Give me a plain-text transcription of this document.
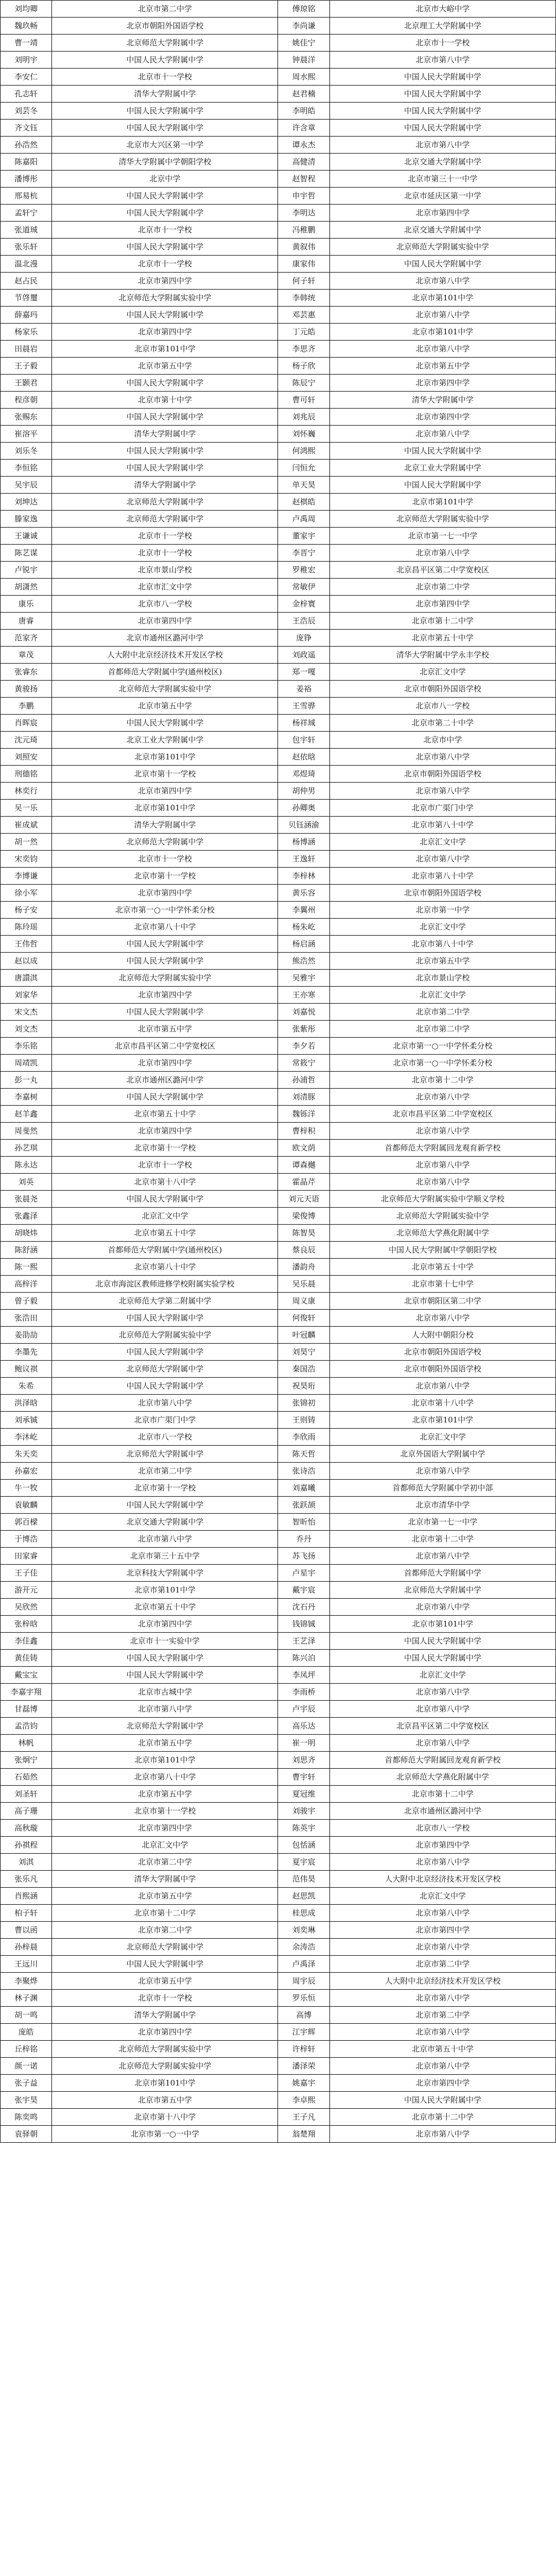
刘均卿	北京市第二中学	傅琼铭	北京市大峪中学
魏玖畅	北京市朝阳外国语学校	李尚谦	北京理工大学附属中学
曹一靖	北京师范大学附属中学	姚佳宁	北京市十一学校
刘明宇	中国人民大学附属中学	钟晨洋	北京市第八中学
李安仁	北京市十一学校	周水熙	中国人民大学附属中学
孔志轩	清华大学附属中学	赵君楠	中国人民大学附属中学
刘芸冬	中国人民大学附属中学	李明皓	中国人民大学附属中学
齐文钰	中国人民大学附属中学	许含章	中国人民大学附属中学
孙浩然	北京市大兴区第一中学	谭永杰	北京市第八中学
陈嘉阳	清华大学附属中学朝阳学校	高健清	北京交通大学附属中学
潘博彤	北京中学	赵智程	北京市第三十一中学
邢易杭	中国人民大学附属中学	申宇哲	北京市延庆区第一中学
孟轩宁	中国人民大学附属中学	李明达	北京市第四中学
张道珹	北京市十一学校	冯稚鹏	北京交通大学附属中学
张乐轩	中国人民大学附属中学	黄叙伟	北京师范大学附属实验中学
温北漫	北京市十一学校	康家伟	中国人民大学附属中学
赵占民	北京市第四中学	何子轩	北京市第八中学
节啓璽	北京师范大学附属实验中学	李韩统	北京市第101中学
薛嘉玛	中国人民大学附属中学	邓芸惠	北京市第八中学
杨家乐	北京市第四中学	丁元皓	北京市第101中学
田晨岩	北京市第101中学	李思齐	北京市第八中学
王子毅	北京市第五中学	杨子欣	北京市第五中学
王颢君	中国人民大学附属中学	陈辰宁	北京市第四中学
程彦朝	北京市第十中学	曹可轩	清华大学附属中学
张赐东	中国人民大学附属中学	刘兆辰	北京市第四中学
崔溶平	清华大学附属中学	刘怀巍	北京市第八中学
刘乐冬	中国人民大学附属中学	何鸿熙	中国人民大学附属中学
李恒铭	中国人民大学附属中学	闫恒允	北京工业大学附属中学
吴宇辰	清华大学附属中学	单天昊	中国人民大学附属中学
刘坤达	北京师范大学附属中学	赵棋皓	北京市第101中学
滕家逸	北京师范大学附属中学	卢禹周	北京师范大学附属实验中学
王谦诚	北京市十一学校	董家宇	北京市第一七一中学
陈艺谋	北京市十一学校	李晋宁	北京市第八中学
卢锐宇	北京市景山学校	罗稚宏	北京昌平区第二中学宽校区
胡潇然	北京市汇文中学	常敏伊	北京市第二中学
康乐	北京市八一学校	金梓寰	北京市第四中学
唐睿	北京市第四中学	王浩辰	北京市第十二中学
范家齐	北京市通州区潞河中学	庞铮	北京市第五十中学
章茂	人大附中北京经济技术开发区学校	刘政遥	清华大学附属中学永丰学校
张睿东	首都师范大学附属中学(通州校区)	郑一嘎	北京汇文中学
黄骏扬	北京师范大学附属实验中学	姜裕	北京市朝阳外国语学校
李鹏	北京市第五中学	王雪骅	北京市八一学校
肖晖宸	中国人民大学附属中学	杨祥珹	北京市第二十中学
沈元琦	北京工业大学附属中学	包宇轩	北京市中学
刘照安	北京市第101中学	赵依晗	北京市第八中学
刑德铭	北京市第十一学校	邓煜琦	北京市朝阳外国语学校
林奕行	北京市第四中学	胡仲男	北京市第八中学
吴一乐	北京市第101中学	孙卿奥	北京市广渠门中学
崔成斌	清华大学附属中学	贝钰涵渝	北京市第八十中学
胡一然	北京师范大学附属中学	杨博涵	北京汇文中学
宋奕钧	北京市十一学校	王逸轩	北京市第八中学
李博谦	北京市第十一学校	李梓林	北京市第八十中学
徐小军	北京市第四中学	黄乐容	北京市朝阳外国语学校
杨子安	北京市第一○一中学怀柔分校	李翼州	北京市第一中学
陈玲瑶	北京市第八十中学	杨朱屹	北京汇文中学
王伟哲	中国人民大学附属中学	杨启涵	北京市第八十中学
赵以成	中国人民大学附属中学	熊浩然	北京市第五中学
唐譞淇	北京师范大学附属实验中学	吴雅宇	北京市景山学校
刘家华	北京市第四中学	王亦寒	北京汇文中学
宋文杰	中国人民大学附属中学	刘嘉悦	北京市第二中学
刘文杰	北京市第五中学	张紫彤	北京市第二中学
李乐铭	北京市昌平区第二中学宽校区	李夕若	北京市第一○一中学怀柔分校
周靖凯	北京市第四中学	常筱宁	北京市第一○一中学怀柔分校
彭一丸	北京市通州区潞河中学	孙浦哲	北京市第十二中学
李嘉树	中国人民大学附属中学	刘清豚	北京市第八中学
赵羊鑫	北京市第五十中学	魏铄洋	北京市昌平区第二中学宽校区
周斐然	北京市第四中学	曹梓积	北京市第八中学
孙艺琪	北京市第十一学校	欧文荫	首都师范大学附属回龙观育新学校
陈永达	北京市十一学校	谭森樾	北京市第八中学
刘英	北京市第十八中学	霍晶芹	北京市第八中学
张晨尧	中国人民大学附属中学	刘元天语	北京师范大学附属实验中学顺义学校
张鑫泽	北京汇文中学	梁俊博	北京师范大学附属实验中学
胡晓炜	北京市第五十中学	陈智昊	北京师范大学燕化附属中学
陈舒涵	首都师范大学附属中学(通州校区)	蔡良辰	中国人民大学附属中学朝阳学校
陈一熙	北京市第八十中学	潘韵舟	北京市第五十中学
高梓洋	北京市海淀区教师进修学校附属实验学校	吴乐晨	北京市第十七中学
曾子毅	北京师范大学第二附属中学	周义康	北京市朝阳区第二中学
张浩田	中国人民大学附属中学	何俊轩	北京市第八中学
姜劭劼	北京师范大学附属实验中学	叶冠麟	人大附中朝阳分校
李墨先	中国人民大学附属中学	刘昊宁	北京市朝阳外国语学校
鲍议祺	北京师范大学附属中学	秦国浩	北京市朝阳外国语学校
朱希	中国人民大学附属中学	祝昊珩	北京市第八中学
洪泽晗	北京市第八中学	张锦初	北京市第十八中学
刘承铖	北京市广渠门中学	王则铸	北京市第101中学
李沐屹	北京市八一学校	李欣雨	北京汇文中学
朱天奕	北京师范大学附属中学	陈天哲	北京外国语大学附属中学
孙嘉宏	北京市第二中学	张诗浩	北京市第八中学
牛一牧	北京市第十一学校	刘嘉曦	首都师范大学附属中学初中部
袁敏麟	中国人民大学附属中学	张跃颉	北京市清华中学
郭百樑	北京交通大学附属中学	智昕怡	北京市第一七一中学
于博浩	北京市第八中学	乔丹	北京市第十二中学
田家睿	北京市第三十五中学	苏飞扬	北京市第八中学
王子佳	北京科技大学附属中学	卢星宇	首都师范大学附属中学
游开元	北京市第101中学	戴宇宸	北京师范大学附属中学
吴欣然	北京市第五十中学	沈石丹	北京市第八中学
张梓晗	北京市第四中学	钱锦铖	北京市第101中学
李佳鑫	北京市十一实验中学	王艺泽	中国人民大学附属中学
黄佳铸	中国人民大学附属中学	陈兴泊	中国人民大学附属中学
戴宝宝	中国人民大学附属中学	李凤坪	北京汇文中学
李嘉宇翔	北京市古城中学	李雨桥	北京市第八中学
甘磊博	北京市第八中学	卢宇辰	北京市第八中学
孟浩钧	北京师范大学附属中学	高乐达	北京昌平区第二中学宽校区
林帆	北京市第五中学	崔一明	北京市第八中学
张炯宁	北京市第101中学	刘思齐	首都师范大学附属回龙观育新学校
石茹然	北京市第八十中学	曹宇轩	北京师范大学燕化附属中学
刘圣轩	北京市第五中学	夏冠维	北京市第十二中学
高子珊	北京市第十一学校	刘骏宇	北京市通州区潞河中学
高秋璇	北京市第四中学	陈英宇	北京市八一学校
孙祺程	北京汇文中学	包恬涵	北京市第四中学
刘淇	北京市第二中学	夏宇宸	北京市第八中学
张乐凡	清华大学附属中学	范伟昊	人大附中北京经济技术开发区学校
肖熙涵	北京市第五中学	赵思凯	北京汇文中学
柏子轩	北京市第十二中学	桂思成	北京市第八中学
曹以函	北京市第二中学	刘奕琳	北京市第四中学
孙梓晨	北京师范大学附属中学	余涛浩	北京市第八中学
王远川	中国人民大学附属中学	卢禹泽	北京市第二中学
李聚烨	北京市第五中学	周宇辰	人大附中北京经济技术开发区学校
林子渊	北京市十一学校	罗乐恒	北京市第八中学
胡一鸣	清华大学附属中学	高博	北京市第二中学
庞皓	北京市第四中学	江宇辉	北京市第八中学
丘梓铭	北京师范大学附属实验中学	许梓轩	北京市第五十中学
颜一诺	北京师范大学附属实验中学	潘泽荣	北京市第八中学
张子益	北京市第101中学	姚嘉宇	北京市第四中学
张宇昊	北京市第五中学	李卓熙	中国人民大学附属中学
陈奕鸣	北京市第十八中学	王子凡	北京市第十二中学
袁驿朝	北京市第一○一中学	翁楚翔	北京市第八中学
